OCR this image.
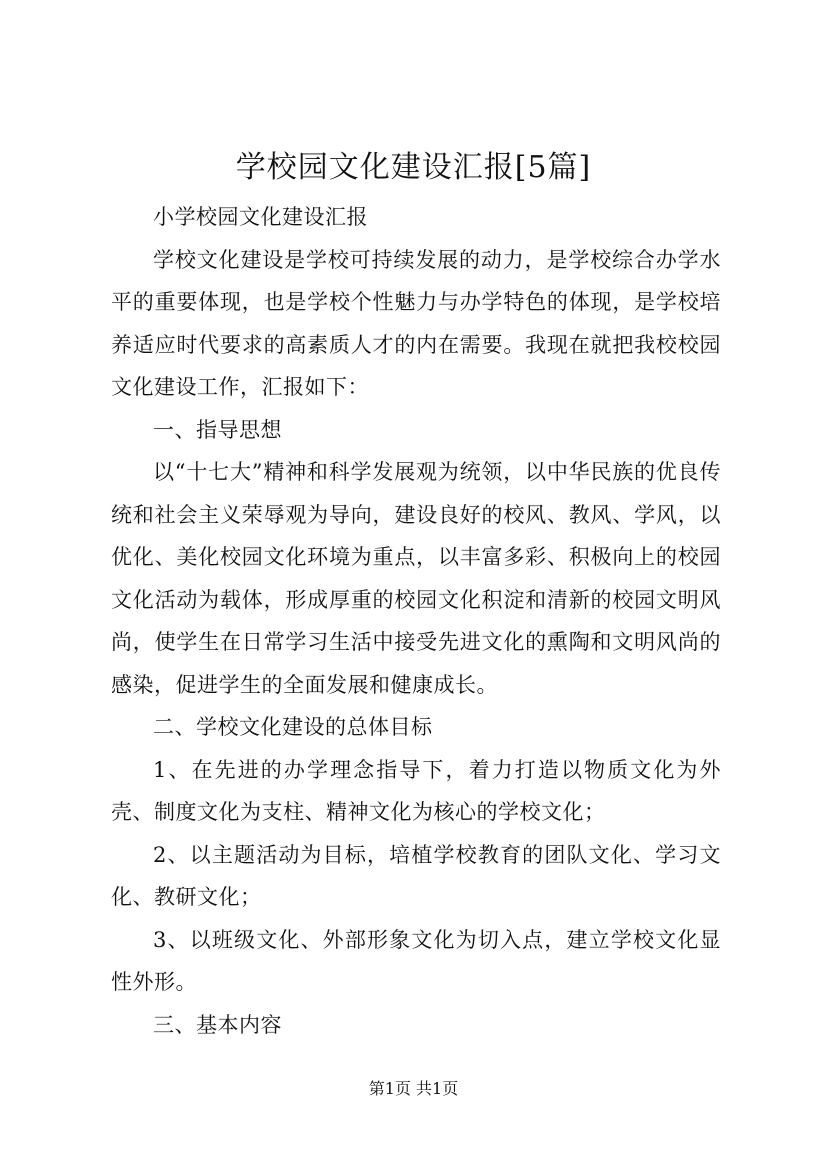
学校园文化建设汇报[5篇]

小学校园文化建设汇报

学校文化建设是学校可持续发展的动力，是学校综合办学水平的重要体现，也是学校个性魅力与办学特色的体现，是学校培养适应时代要求的高素质人才的内在需要。我现在就把我校校园文化建设工作，汇报如下：

一、指导思想

以“十七大”精神和科学发展观为统领，以中华民族的优良传统和社会主义荣辱观为导向，建设良好的校风、教风、学风，以优化、美化校园文化环境为重点，以丰富多彩、积极向上的校园文化活动为载体，形成厚重的校园文化积淀和清新的校园文明风尚，使学生在日常学习生活中接受先进文化的熏陶和文明风尚的感染，促进学生的全面发展和健康成长。

二、学校文化建设的总体目标

1、在先进的办学理念指导下，着力打造以物质文化为外壳、制度文化为支柱、精神文化为核心的学校文化；

2、以主题活动为目标，培植学校教育的团队文化、学习文化、教研文化；

3、以班级文化、外部形象文化为切入点，建立学校文化显性外形。

三、基本内容

第1页 共1页
